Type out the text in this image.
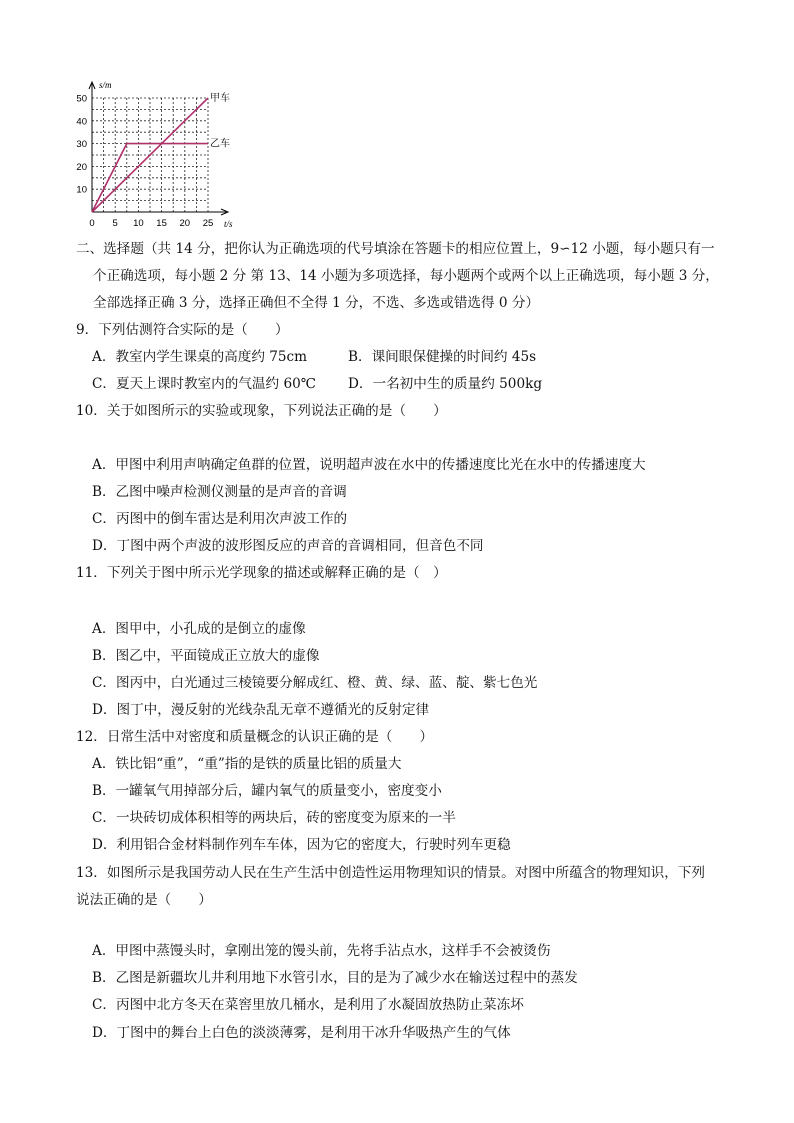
s/m
t/s
0 5 10 15 20 25
10
20
30
40
50	甲车
乙车
二、选择题（共 14 分，把你认为正确选项的代号填涂在答题卡的相应位置上，9∽12 小题，每小题只有一
个正确选项，每小题 2 分 第 13、14 小题为多项选择，每小题两个或两个以上正确选项，每小题 3 分，
全部选择正确 3 分，选择正确但不全得 1 分，不选、多选或错选得 0 分）
9．下列估测符合实际的是（　　）
A．教室内学生课桌的高度约 75cm	B．课间眼保健操的时间约 45s
C．夏天上课时教室内的气温约 60℃ D．一名初中生的质量约 500kg
10．关于如图所示的实验或现象，下列说法正确的是（　　）
A．甲图中利用声呐确定鱼群的位置，说明超声波在水中的传播速度比光在水中的传播速度大
B．乙图中噪声检测仪测量的是声音的音调
C．丙图中的倒车雷达是利用次声波工作的
D．丁图中两个声波的波形图反应的声音的音调相同，但音色不同
11．下列关于图中所示光学现象的描述或解释正确的是（　）
A．图甲中，小孔成的是倒立的虚像
B．图乙中，平面镜成正立放大的虚像
C．图丙中，白光通过三棱镜要分解成红、橙、黄、绿、蓝、靛、紫七色光
D．图丁中，漫反射的光线杂乱无章不遵循光的反射定律
12．日常生活中对密度和质量概念的认识正确的是（　　）
A．铁比铝“重”，“重”指的是铁的质量比铝的质量大
B．一罐氧气用掉部分后，罐内氧气的质量变小，密度变小
C．一块砖切成体积相等的两块后，砖的密度变为原来的一半
D．利用铝合金材料制作列车车体，因为它的密度大，行驶时列车更稳
13．如图所示是我国劳动人民在生产生活中创造性运用物理知识的情景。对图中所蕴含的物理知识，下列
说法正确的是（　　）
A．甲图中蒸馒头时，拿刚出笼的馒头前，先将手沾点水，这样手不会被烫伤
B．乙图是新疆坎儿井利用地下水管引水，目的是为了减少水在输送过程中的蒸发
C．丙图中北方冬天在菜窖里放几桶水，是利用了水凝固放热防止菜冻坏
D．丁图中的舞台上白色的淡淡薄雾，是利用干冰升华吸热产生的气体
